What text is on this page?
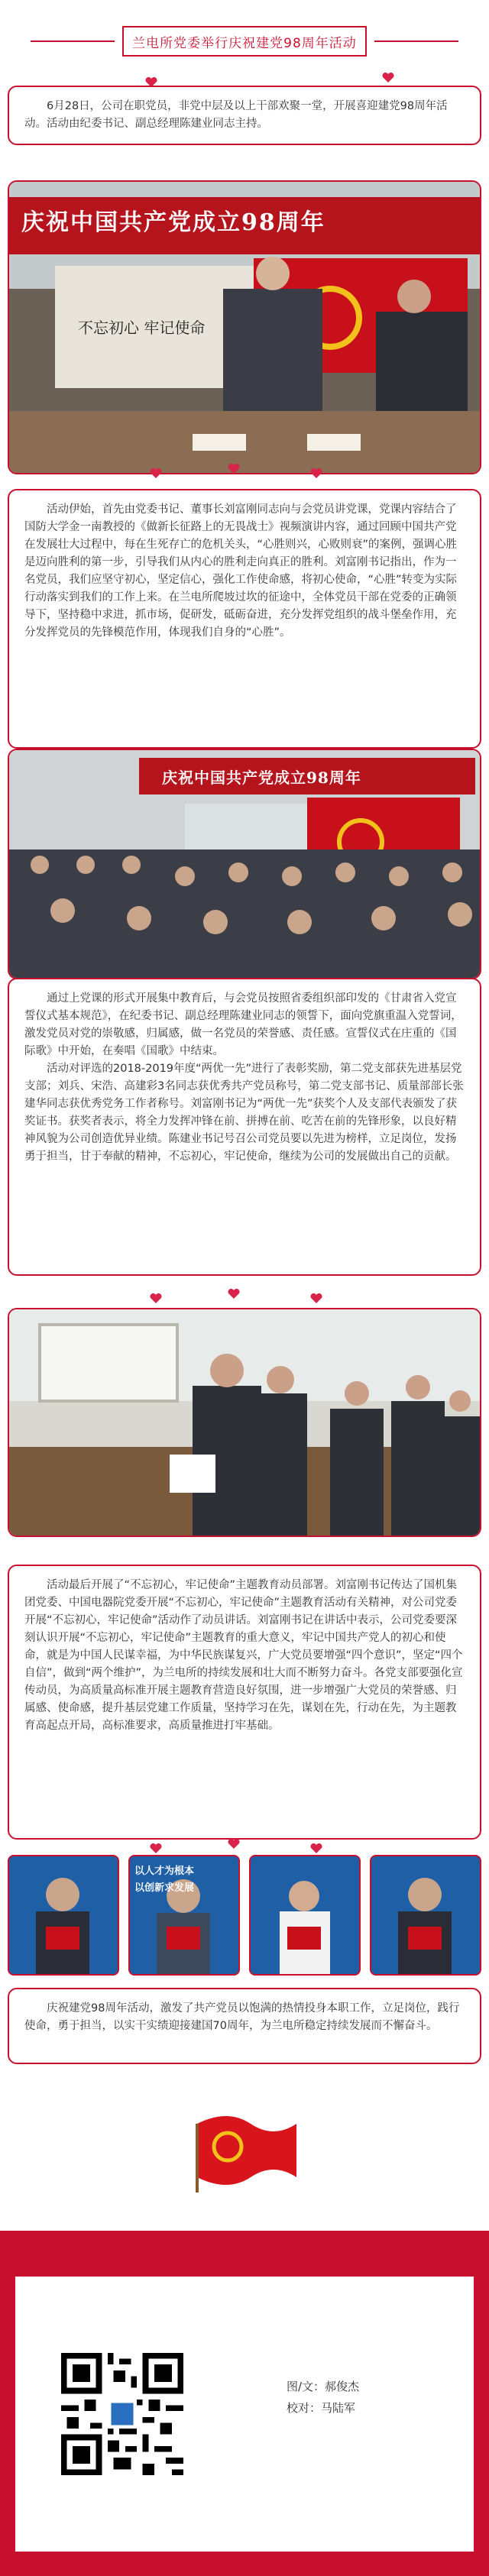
兰电所党委举行庆祝建党98周年活动

6月28日，公司在职党员，非党中层及以上干部欢聚一堂，开展喜迎建党98周年活动。活动由纪委书记、副总经理陈建业同志主持。

庆祝中国共产党成立98周年
不忘初心 牢记使命

活动伊始，首先由党委书记、董事长刘富刚同志向与会党员讲党课，党课内容结合了国防大学金一南教授的《做新长征路上的无畏战士》视频演讲内容，通过回顾中国共产党在发展壮大过程中，每在生死存亡的危机关头，“心胜则兴，心败则衰”的案例，强调心胜是迈向胜利的第一步，引导我们从内心的胜利走向真正的胜利。刘富刚书记指出，作为一名党员，我们应坚守初心，坚定信心，强化工作使命感，将初心使命，“心胜”转变为实际行动落实到我们的工作上来。在兰电所爬坡过坎的征途中，全体党员干部在党委的正确领导下，坚持稳中求进，抓市场，促研发，砥砺奋进，充分发挥党组织的战斗堡垒作用，充分发挥党员的先锋模范作用，体现我们自身的“心胜”。

庆祝中国共产党成立98周年

通过上党课的形式开展集中教育后，与会党员按照省委组织部印发的《甘肃省入党宣誓仪式基本规范》，在纪委书记、副总经理陈建业同志的领誓下，面向党旗重温入党誓词，激发党员对党的崇敬感，归属感，做一名党员的荣誉感、责任感。宣誓仪式在庄重的《国际歌》中开始，在奏唱《国歌》中结束。

活动对评选的2018-2019年度“两优一先”进行了表彰奖励，第二党支部获先进基层党支部；刘兵、宋浩、高建彩3名同志获优秀共产党员称号，第二党支部书记、质量部部长张建华同志获优秀党务工作者称号。刘富刚书记为“两优一先”获奖个人及支部代表颁发了获奖证书。获奖者表示，将全力发挥冲锋在前、拼搏在前、吃苦在前的先锋形象，以良好精神风貌为公司创造优异业绩。陈建业书记号召公司党员要以先进为榜样，立足岗位，发扬勇于担当，甘于奉献的精神，不忘初心，牢记使命，继续为公司的发展做出自己的贡献。

活动最后开展了“不忘初心，牢记使命”主题教育动员部署。刘富刚书记传达了国机集团党委、中国电器院党委开展“不忘初心，牢记使命”主题教育活动有关精神，对公司党委开展“不忘初心，牢记使命”活动作了动员讲话。刘富刚书记在讲话中表示，公司党委要深刻认识开展“不忘初心，牢记使命”主题教育的重大意义，牢记中国共产党人的初心和使命，就是为中国人民谋幸福，为中华民族谋复兴，广大党员要增强“四个意识”，坚定“四个自信”，做到“两个维护”，为兰电所的持续发展和壮大而不断努力奋斗。各党支部要强化宣传动员，为高质量高标准开展主题教育营造良好氛围，进一步增强广大党员的荣誉感、归属感、使命感，提升基层党建工作质量，坚持学习在先，谋划在先，行动在先，为主题教育高起点开局，高标准要求，高质量推进打牢基础。

以人才为根本
以创新求发展

庆祝建党98周年活动，激发了共产党员以饱满的热情投身本职工作，立足岗位，践行使命，勇于担当，以实干实绩迎接建国70周年，为兰电所稳定持续发展而不懈奋斗。

图/文：郝俊杰
校对：马陆军
